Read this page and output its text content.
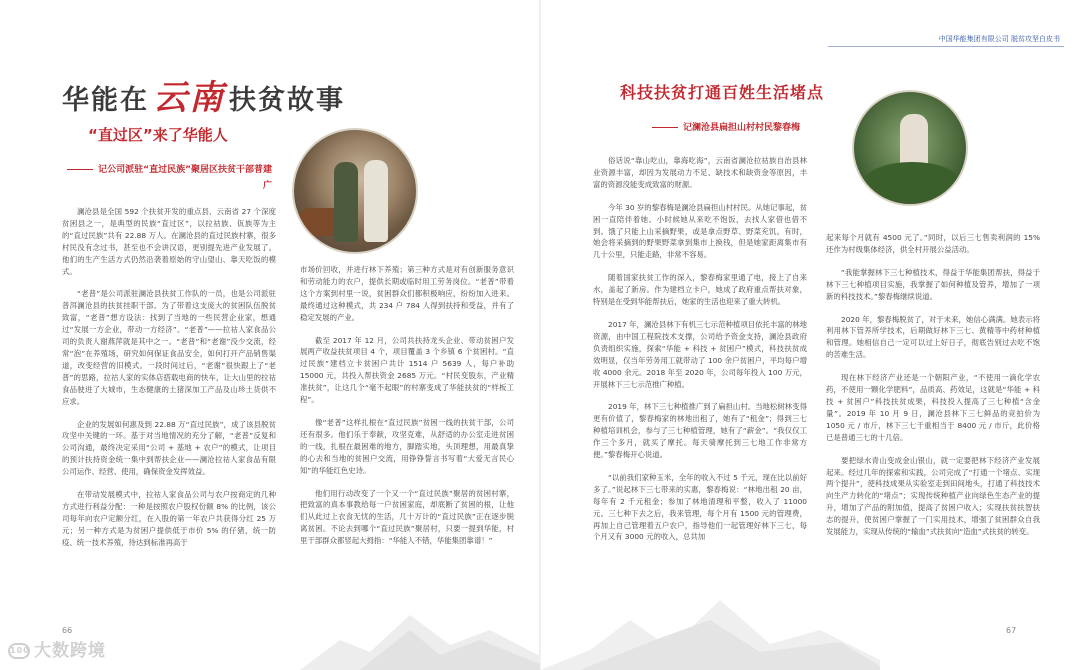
中国华能集团有限公司 脱贫攻坚白皮书
华能在 云南 扶贫故事
“直过区”来了华能人
记公司派驻“直过民族”聚居区扶贫干部普建广

澜沧县是全国 592 个扶贫开发的重点县、云南省 27 个深度贫困县之一，是典型的民族“直过区”，以拉祜族、佤族等为主的“直过民族”共有 22.88 万人。在澜沧县的直过民族村寨，很多村民没有念过书，甚至也不会讲汉语，更别提先进产业发展了。他们的生产生活方式仍然沿袭着原始的守山望山、靠天吃饭的模式。

“老普”是公司派驻澜沧县扶贫工作队的一员，也是公司派驻普洱澜沧县的扶贫挂职干部。为了带着这支庞大的贫困队伍脱贫致富，“老普”想方设法：找到了当地的一些民营企业家，想通过“发展一方企业，带动一方经济”。“老普”——拉祜人家食品公司的负责人谢燕萍就是其中之一。“老普”和“老谢”没少交流，经常“泡”在养殖场，研究如何保证食品安全，如何打开产品销售渠道，改变经营的旧模式。一段时间过后，“老谢”很快跟上了“老普”的思路，拉祜人家的实体店搭载电商的快车，让大山里的拉祜食品驶进了大城市，生态健康的土猪深加工产品及山珍土货供不应求。

企业的发展如何惠及到 22.88 万“直过民族”，成了该县脱贫攻坚中关键的一环。基于对当地情况的充分了解，“老普”反复和公司沟通，最终决定采用“公司 + 基地 + 农户”的模式，让项目的预计扶持资金统一集中到帮扶企业——澜沧拉祜人家食品有限公司运作、经营、使用，确保资金发挥效益。

在带动发展模式中，拉祜人家食品公司与农户按商定的几种方式进行利益分配：一种是按照农户股权份额 8% 的比例，该公司每年向农户定额分红，在入股的第一年农户共获得分红 25 万元；另一种方式是为贫困户提供低于市价 5% 的仔猪，统一防疫、统一技术养殖，待达到标准再高于

市场价回收，并进行林下养殖；第三种方式是对有创新服务意识和劳动能力的农户，提供长期或临时用工劳务岗位。“老普”带着这个方案到村里一说，贫困群众们都积极响应，纷纷加入进来。最终通过这种模式，共 234 户 784 人得到扶持和受益，并有了稳定发展的产业。

截至 2017 年 12 月，公司共扶持龙头企业、带动贫困户发展两产收益扶贫项目 4 个，项目覆盖 3 个乡镇 6 个贫困村。“直过民族”建档立卡贫困户共计 1514 户 5639 人，每户补助 15000 元，共投入帮扶资金 2685 万元。“村民变股东，产业精准扶贫”，让这几个“毫不起眼”的村寨变成了华能扶贫的“样板工程”。

像“老普”这样扎根在“直过民族”贫困一线的扶贫干部，公司还有很多。他们乐于奉献，攻坚克难，从舒适的办公室走进贫困的一线，扎根在最困难的地方，脚踏实地，头顶理想，用最真挚的心去和当地的贫困户交流，用铮铮誓言书写着“大爱无言民心知”的华能红色史诗。

他们用行动改变了一个又一个“直过民族”聚居的贫困村寨，把致富的真本事教给每一户贫困家庭，却底断了贫困的根，让他们从此过上衣食无忧的生活，几十万计的“直过民族”正在逐步脱离贫困。不论去到哪个“直过民族”聚居村，只要一提到华能，村里干部群众都竖起大拇指：“华能人不错，华能集团靠谱！”

66
100 大数跨境
科技扶贫打通百姓生活堵点
记澜沧县扁担山村村民黎春梅

俗话说“靠山吃山，靠海吃海”，云南省澜沧拉祜族自治县林业资源丰富，却因为发展动力不足、缺技术和缺资金等原因，丰富的资源没能变成致富的财源。

今年 30 岁的黎春梅是澜沧县扁担山村村民。从她记事起，贫困一直陪伴着她。小时候她从来吃不饱饭，去找人家借也借不到。饿了只能上山采摘野果，或是拿点野草、野菜充饥。有时，她会将采摘到的野果野菜拿到集市上换钱，但是她家距离集市有几十公里，只能走路，非常不容易。

随着国家扶贫工作的深入，黎春梅家里通了电，接上了自来水，盖起了新房。作为建档立卡户，她成了政府重点帮扶对象，特别是在受到华能帮扶后，她家的生活也迎来了重大转机。

2017 年，澜沧县林下有机三七示范种植项目依托丰富的林地资源，由中国工程院技术支撑，公司给予资金支持，澜沧县政府负责组织实施，探索“华能 + 科技 + 贫困户”模式，科技扶贫成效明显，仅当年劳务用工就带动了 100 余户贫困户，平均每户增收 4000 余元。2018 年至 2020 年，公司每年投入 100 万元，开展林下三七示范推广种植。

2019 年，林下三七种植推广到了扁担山村。当地松树林变得更有价值了，黎春梅家的林地出租了，她有了“租金”；得到三七种植培训机会，参与了三七种植管理，她有了“薪金”。“我仅仅工作三个多月，就买了摩托。每天骑摩托到三七地工作非常方便。”黎春梅开心说道。

“以前我们家种玉米，全年的收入不过 5 千元，现在比以前好多了。”说起林下三七带来的实惠，黎春梅说：“林地出租 20 亩，每年有 2 千元租金；参加了林地清理和平整，收入了 11000 元。三七种下去之后，我来管理，每个月有 1500 元的管理费，再加上自己管理着五户农户，指导他们一起管理好林下三七，每个月又有 3000 元的收入，总共加

起来每个月就有 4500 元了。”同时，以后三七售卖利润的 15% 还作为村级集体经济，供全村开展公益活动。

“我能掌握林下三七种植技术，得益于华能集团帮扶，得益于林下三七种植项目实施，我掌握了如何种植及管养，增加了一项新的科技技术。”黎春梅继续说道。

2020 年，黎春梅脱贫了，对于未来，她信心满满。她表示将利用林下管养所学技术，后期做好林下三七、黄精等中药材种植和管理。她相信自己一定可以过上好日子，彻底告别过去吃不饱的苦难生活。

现在林下经济产业还是一个朝阳产业，“不使用一滴化学农药，不使用一颗化学肥料”，品质高、药效足，这就是“华能 + 科技 + 贫困户”科技扶贫成果，科技投入提高了三七种植“含金量”。2019 年 10 月 9 日，澜沧县林下三七鲜品的竞拍价为 1050 元 / 市斤，林下三七干重相当于 8400 元 / 市斤，此价格已是普通三七的十几倍。

要把绿水青山变成金山银山，就一定要把林下经济产业发展起来。经过几年的探索和实践，公司完成了“打通一个堵点、实现两个提升”，使科技成果从实验室走到田间地头，打通了科技技术向生产力转化的“堵点”；实现传统种植产业向绿色生态产业的提升，增加了产品的附加值，提高了贫困户收入；实现扶贫扶智扶志的提升，使贫困户掌握了一门实用技术，增强了贫困群众自我发展能力，实现从传统的“输血”式扶贫向“造血”式扶贫的转变。

67
